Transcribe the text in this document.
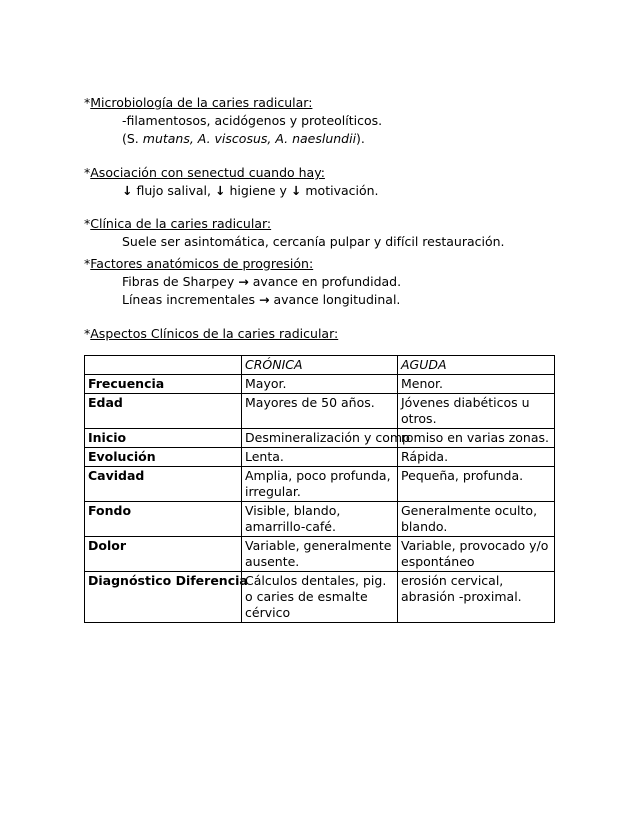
*Microbiología de la caries radicular:
-filamentosos, acidógenos y proteolíticos.
(S. mutans, A. viscosus, A. naeslundii).
*Asociación con senectud cuando hay:
↓ flujo salival, ↓ higiene y ↓ motivación.
*Clínica de la caries radicular:
Suele ser asintomática, cercanía pulpar y difícil restauración.
*Factores anatómicos de progresión:
Fibras de Sharpey → avance en profundidad.
Líneas incrementales → avance longitudinal.
*Aspectos Clínicos de la caries radicular:
	CRÓNICA	AGUDA
Frecuencia	Mayor.	Menor.
Edad	Mayores de 50 años.	Jóvenes diabéticos u otros.
Inicio	Desmineralización y comp	romiso en varias zonas.
Evolución	Lenta.	Rápida.
Cavidad	Amplia, poco profunda, irregular.	Pequeña, profunda.
Fondo	Visible, blando, amarrillo-café.	Generalmente oculto, blando.
Dolor	Variable, generalmente ausente.	Variable, provocado y/o espontáneo
Diagnóstico Diferencia	Cálculos dentales, pig. o caries de esmalte cérvico	erosión cervical, abrasión -proximal.
